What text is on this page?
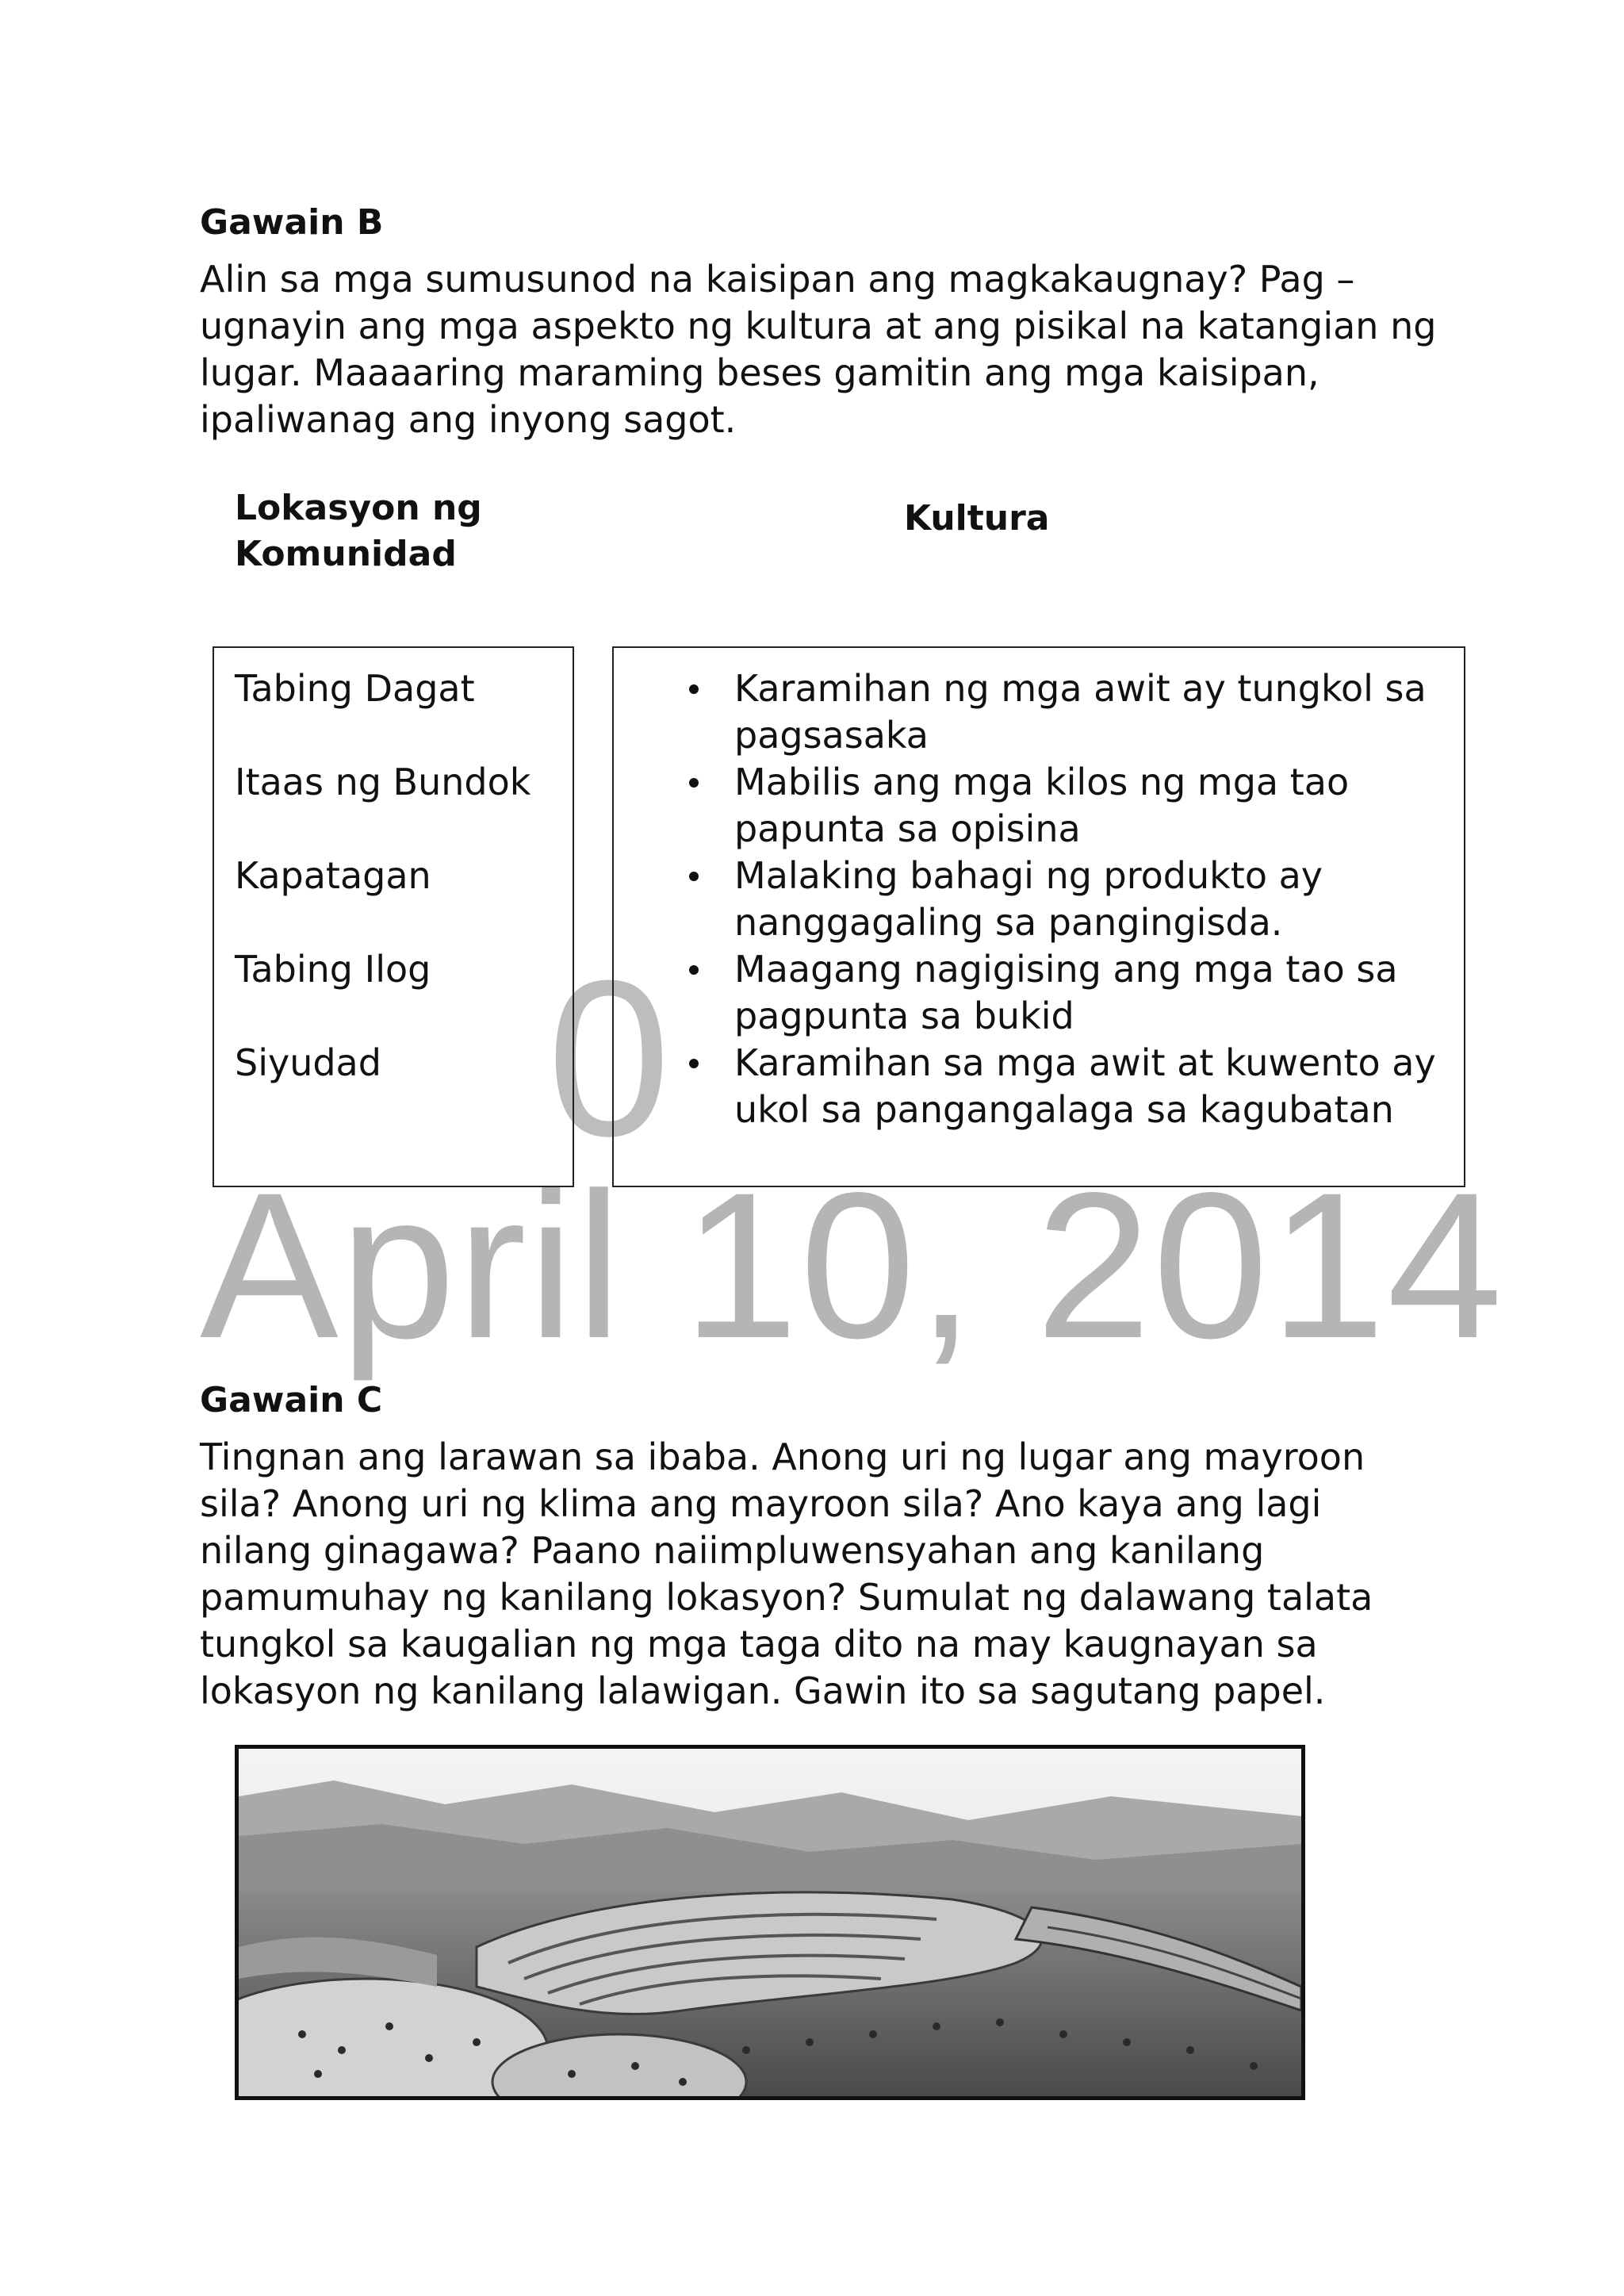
0
April 10, 2014
Gawain B

Alin sa mga sumusunod na kaisipan ang magkakaugnay? Pag – ugnayin ang mga aspekto ng kultura at ang pisikal na katangian ng lugar. Maaaaring maraming beses gamitin ang mga kaisipan, ipaliwanag ang inyong sagot.

Lokasyon ng Komunidad
Kultura
Tabing Dagat
Itaas ng Bundok
Kapatagan
Tabing Ilog
Siyudad
Karamihan ng mga awit ay tungkol sa pagsasaka
Mabilis ang mga kilos ng mga tao papunta sa opisina
Malaking bahagi ng produkto ay nanggagaling sa pangingisda.
Maagang nagigising ang mga tao sa pagpunta sa bukid
Karamihan sa mga awit at kuwento ay ukol sa pangangalaga sa kagubatan
Gawain C

Tingnan ang larawan sa ibaba. Anong uri ng lugar ang mayroon sila? Anong uri ng klima ang mayroon sila? Ano kaya ang lagi nilang ginagawa? Paano naiimpluwensyahan ang kanilang pamumuhay ng kanilang lokasyon? Sumulat ng dalawang talata tungkol sa kaugalian ng mga taga dito na may kaugnayan sa lokasyon ng kanilang lalawigan. Gawin ito sa sagutang papel.
